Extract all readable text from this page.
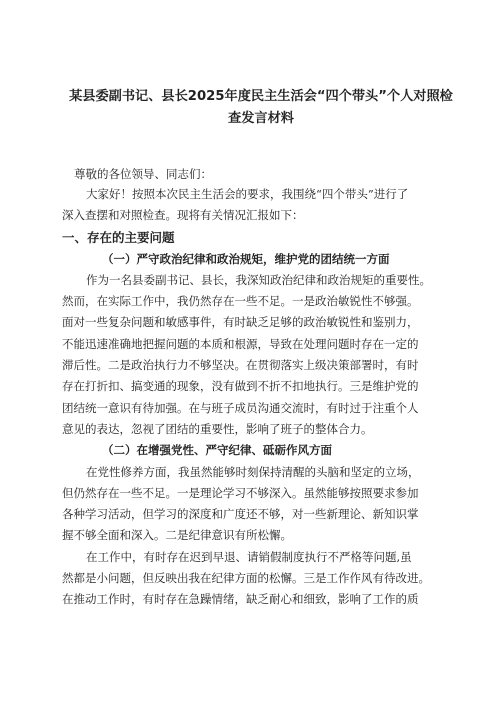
某县委副书记、县长2025年度民主生活会“四个带头”个人对照检
查发言材料

尊敬的各位领导、同志们：

大家好！按照本次民主生活会的要求，我围绕“四个带头”进行了
深入查摆和对照检查。现将有关情况汇报如下：

一、存在的主要问题
（一）严守政治纪律和政治规矩，维护党的团结统一方面

作为一名县委副书记、县长，我深知政治纪律和政治规矩的重要性。
然而，在实际工作中，我仍然存在一些不足。一是政治敏锐性不够强。
面对一些复杂问题和敏感事件，有时缺乏足够的政治敏锐性和鉴别力，
不能迅速准确地把握问题的本质和根源，导致在处理问题时存在一定的
滞后性。二是政治执行力不够坚决。在贯彻落实上级决策部署时，有时
存在打折扣、搞变通的现象，没有做到不折不扣地执行。三是维护党的
团结统一意识有待加强。在与班子成员沟通交流时，有时过于注重个人
意见的表达，忽视了团结的重要性，影响了班子的整体合力。

（二）在增强党性、严守纪律、砥砺作风方面

在党性修养方面，我虽然能够时刻保持清醒的头脑和坚定的立场，
但仍然存在一些不足。一是理论学习不够深入。虽然能够按照要求参加
各种学习活动，但学习的深度和广度还不够，对一些新理论、新知识掌
握不够全面和深入。二是纪律意识有所松懈。

在工作中，有时存在迟到早退、请销假制度执行不严格等问题,虽
然都是小问题，但反映出我在纪律方面的松懈。三是工作作风有待改进。
在推动工作时，有时存在急躁情绪，缺乏耐心和细致，影响了工作的质
